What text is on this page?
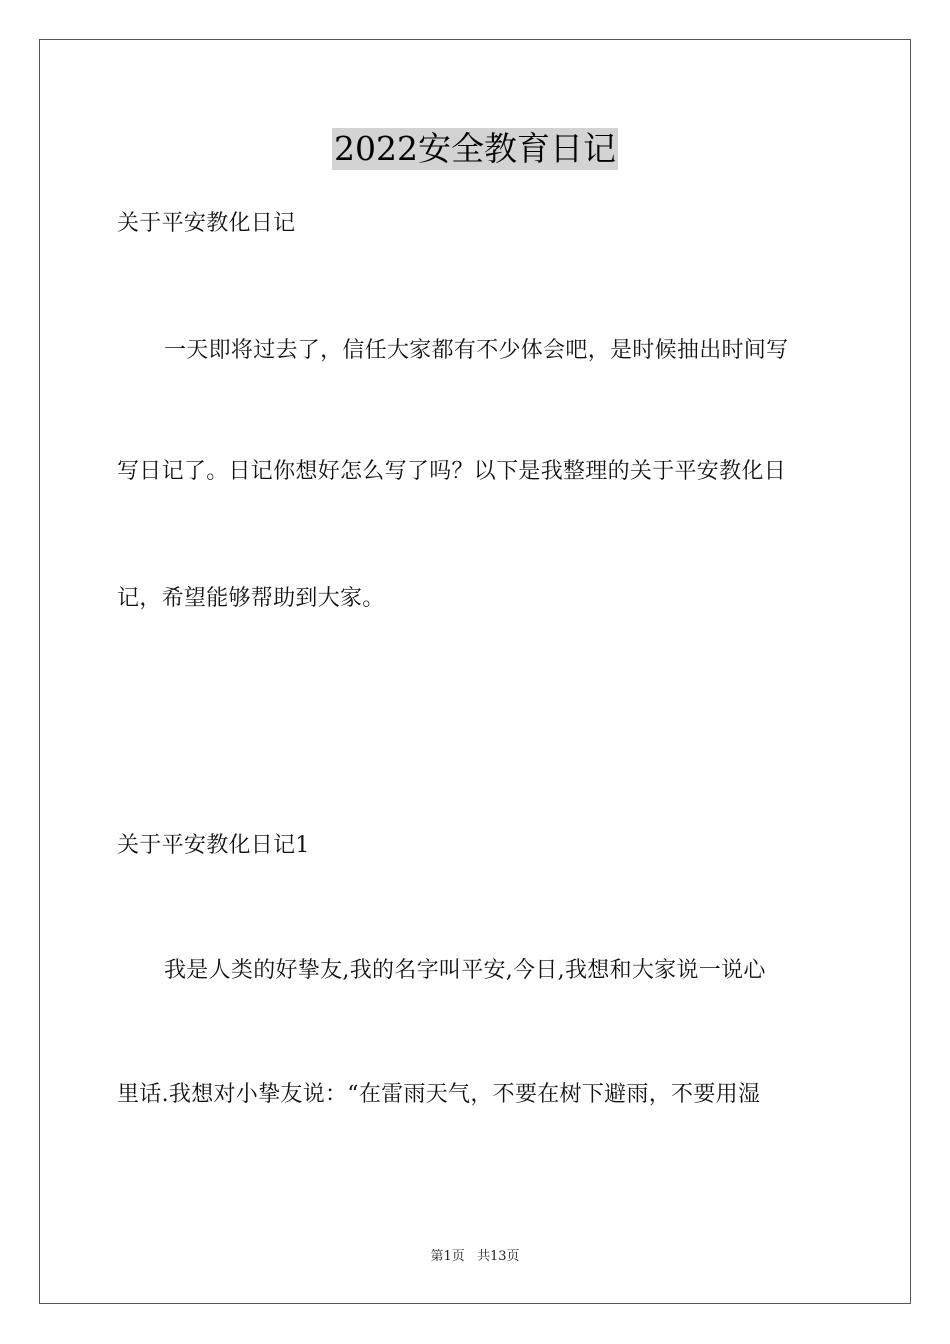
2022安全教育日记
关于平安教化日记
一天即将过去了，信任大家都有不少体会吧，是时候抽出时间写
写日记了。日记你想好怎么写了吗？以下是我整理的关于平安教化日
记，希望能够帮助到大家。
关于平安教化日记1
我是人类的好挚友,我的名字叫平安,今日,我想和大家说一说心
里话.我想对小挚友说：“在雷雨天气，不要在树下避雨，不要用湿
第1页 共13页
